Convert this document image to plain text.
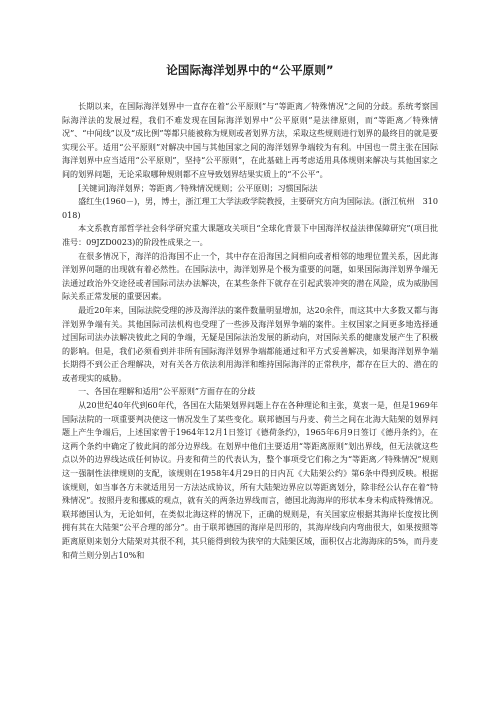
论国际海洋划界中的“公平原则”

长期以来，在国际海洋划界中一直存在着“公平原则”与“等距离／特殊情况”之间的分歧。系统考察国际海洋法的发展过程，我们不难发现在国际海洋划界中“公平原则”是法律原则，而“等距离／特殊情况”、“中间线”以及“成比例”等都只能被称为规则或者划界方法，采取这些规则进行划界的最终目的就是要实现公平。适用“公平原则”对解决中国与其他国家之间的海洋划界争端较为有利。中国也一贯主张在国际海洋划界中应当适用“公平原则”，坚持“公平原则”，在此基础上再考虑适用具体规则来解决与其他国家之间的划界问题，无论采取哪种规则都不应导致划界结果实质上的“不公平”。

[关键词]海洋划界；等距离／特殊情况规则；公平原则；习惯国际法

盛红生(1960－)，男，博士，浙江理工大学法政学院教授，主要研究方向为国际法。(浙江杭州　310018)

本文系教育部哲学社会科学研究重大课题攻关项目“全球化背景下中国海洋权益法律保障研究”(项目批准号：09JZD0023)的阶段性成果之一。

在很多情况下，海洋的沿海国不止一个，其中存在沿海国之间相向或者相邻的地理位置关系，因此海洋划界问题的出现就有着必然性。在国际法中，海洋划界是个极为重要的问题，如果国际海洋划界争端无法通过政治外交途径或者国际司法办法解决，在某些条件下就存在引起武装冲突的潜在风险，成为威胁国际关系正常发展的重要因素。

最近20年来，国际法院受理的涉及海洋法的案件数量明显增加，达20余件，而这其中大多数又都与海洋划界争端有关。其他国际司法机构也受理了一些涉及海洋划界争端的案件。主权国家之间更多地选择通过国际司法办法解决彼此之间的争端，无疑是国际法治发展的新动向，对国际关系的健康发展产生了积极的影响。但是，我们必须看到并非所有国际海洋划界争端都能通过和平方式妥善解决，如果海洋划界争端长期得不到公正合理解决，对有关各方依法利用海洋和维持国际海洋的正常秩序，都存在巨大的、潜在的或者现实的威胁。

一、各国在理解和适用“公平原则”方面存在的分歧

从20世纪40年代到60年代，各国在大陆架划界问题上存在各种理论和主张，莫衷一是，但是1969年国际法院的一项重要判决使这一情况发生了某些变化。联邦德国与丹麦、荷兰之间在北海大陆架的划界问题上产生争端后，上述国家曾于1964年12月1日签订《德荷条约》，1965年6月9日签订《德丹条约》，在这两个条约中确定了彼此间的部分边界线。在划界中他们主要适用“等距离原则”划出界线，但无法就这些点以外的边界线达成任何协议。丹麦和荷兰的代表认为，整个事项受它们称之为“等距离／特殊情况”规则这一强制性法律规则的支配，该规则在1958年4月29日的日内瓦《大陆架公约》第6条中得到反映。根据该规则，如当事各方未就适用另一方法达成协议，所有大陆架边界应以等距离划分，除非经公认存在着“特殊情况”。按照丹麦和挪威的观点，就有关的两条边界线而言，德国北海海岸的形状本身未构成特殊情况。联邦德国认为，无论如何，在类似北海这样的情况下，正确的规则是，有关国家应根据其海岸长度按比例拥有其在大陆架“公平合理的部分”。由于联邦德国的海岸是凹形的，其海岸线向内弯曲很大，如果按照等距离原则来划分大陆架对其很不利，其只能得到较为狭窄的大陆架区域，面积仅占北海海床的5%，而丹麦和荷兰则分别占10%和
